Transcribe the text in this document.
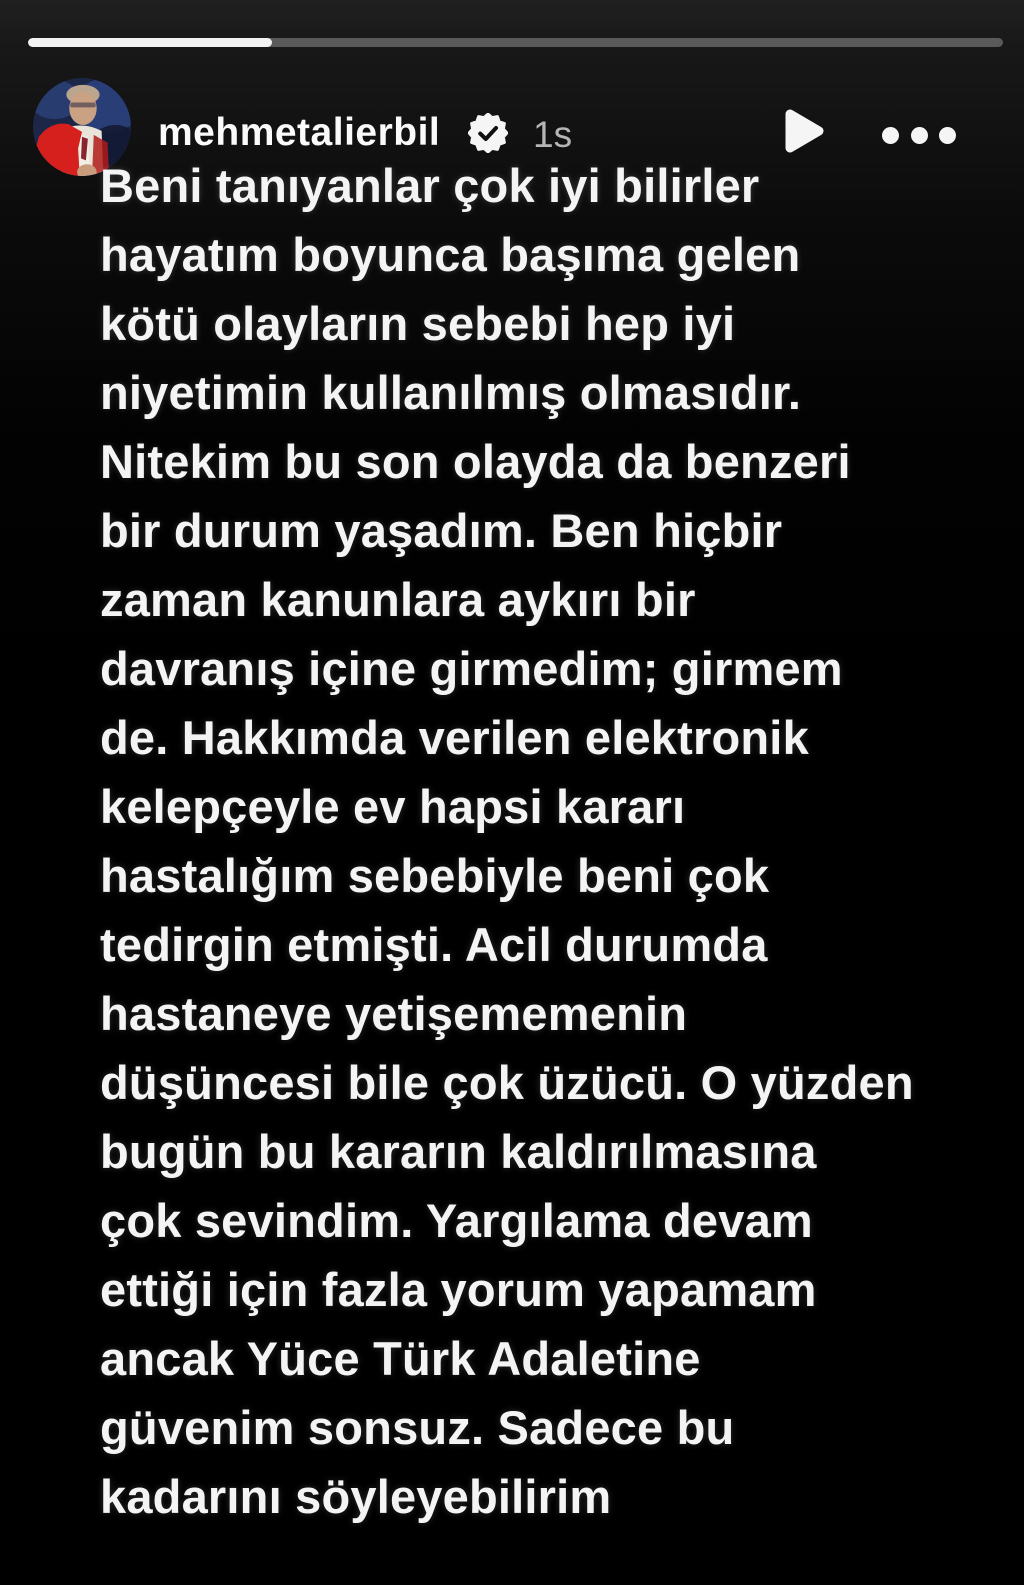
mehmetalierbil	1s
Beni tanıyanlar çok iyi bilirler
hayatım boyunca başıma gelen
kötü olayların sebebi hep iyi
niyetimin kullanılmış olmasıdır.
Nitekim bu son olayda da benzeri
bir durum yaşadım. Ben hiçbir
zaman kanunlara aykırı bir
davranış içine girmedim; girmem
de. Hakkımda verilen elektronik
kelepçeyle ev hapsi kararı
hastalığım sebebiyle beni çok
tedirgin etmişti. Acil durumda
hastaneye yetişememenin
düşüncesi bile çok üzücü. O yüzden
bugün bu kararın kaldırılmasına
çok sevindim. Yargılama devam
ettiği için fazla yorum yapamam
ancak Yüce Türk Adaletine
güvenim sonsuz. Sadece bu
kadarını söyleyebilirim
